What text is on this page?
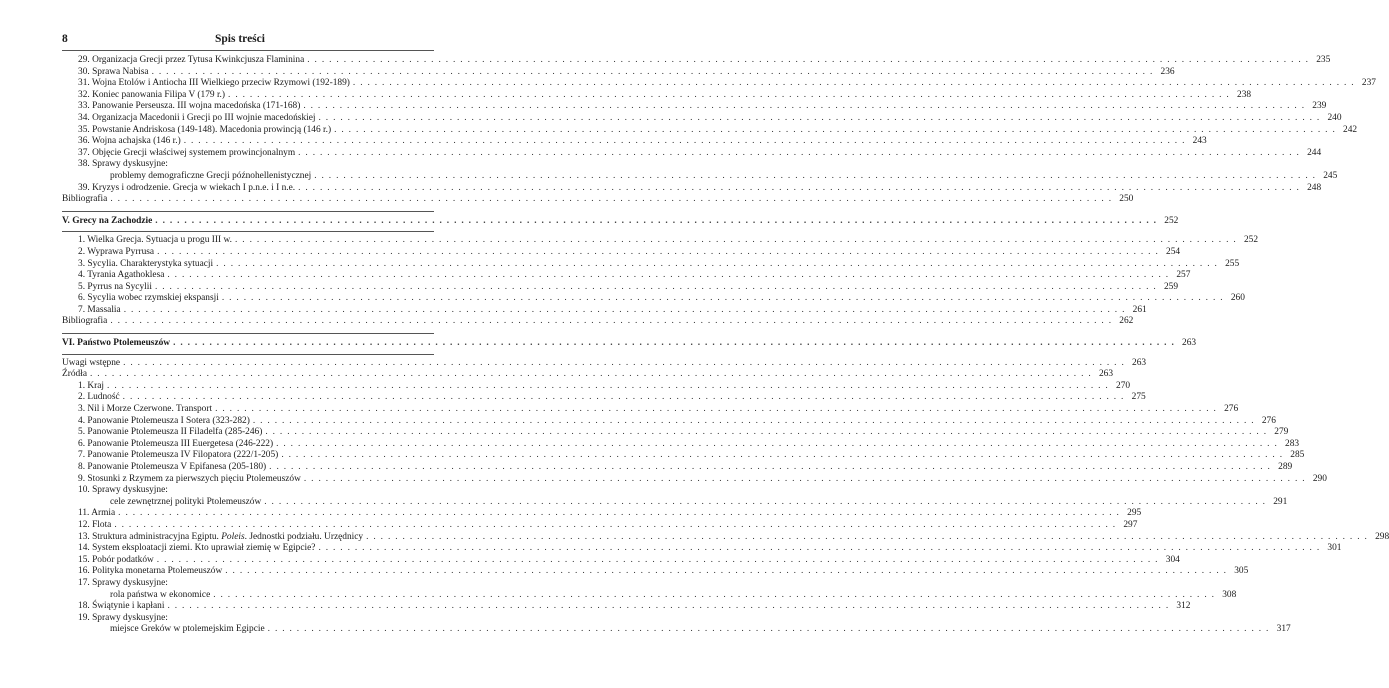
8	Spis treści
29. Organizacja Grecji przez Tytusa Kwinkcjusza Flaminina . . .	235
30. Sprawa Nabisa . . .	236
31. Wojna Etolów i Antiocha III Wielkiego przeciw Rzymowi (192-189) . . .	237
32. Koniec panowania Filipa V (179 r.) . . .	238
33. Panowanie Perseusza. III wojna macedońska (171-168) . . .	239
34. Organizacja Macedonii i Grecji po III wojnie macedońskiej . . .	240
35. Powstanie Andriskosa (149-148). Macedonia prowincją (146 r.) . . .	242
36. Wojna achajska (146 r.) . . .	243
37. Objęcie Grecji właściwej systemem prowincjonalnym . . .	244
38. Sprawy dyskusyjne:
problemy demograficzne Grecji późnohellenistycznej . . .	245
39. Kryzys i odrodzenie. Grecja w wiekach I p.n.e. i I n.e. . . .	248
Bibliografia . . .	250
V. Grecy na Zachodzie . . .	252
1. Wielka Grecja. Sytuacja u progu III w. . . .	252
2. Wyprawa Pyrrusa . . .	254
3. Sycylia. Charakterystyka sytuacji . . .	255
4. Tyrania Agathoklesa . . .	257
5. Pyrrus na Sycylii . . .	259
6. Sycylia wobec rzymskiej ekspansji . . .	260
7. Massalia . . .	261
Bibliografia . . .	262
VI. Państwo Ptolemeuszów . . .	263
Uwagi wstępne . . .	263
Źródła . . .	263
1. Kraj . . .	270
2. Ludność . . .	275
3. Nil i Morze Czerwone. Transport . . .	276
4. Panowanie Ptolemeusza I Sotera (323-282) . . .	276
5. Panowanie Ptolemeusza II Filadelfa (285-246) . . .	279
6. Panowanie Ptolemeusza III Euergetesa (246-222) . . .	283
7. Panowanie Ptolemeusza IV Filopatora (222/1-205) . . .	285
8. Panowanie Ptolemeusza V Epifanesa (205-180) . . .	289
9. Stosunki z Rzymem za pierwszych pięciu Ptolemeuszów . . .	290
10. Sprawy dyskusyjne:
cele zewnętrznej polityki Ptolemeuszów . . .	291
11. Armia . . .	295
12. Flota . . .	297
13. Struktura administracyjna Egiptu. Poleis. Jednostki podziału. Urzędnicy . . .	298
14. System eksploatacji ziemi. Kto uprawiał ziemię w Egipcie? . . .	301
15. Pobór podatków . . .	304
16. Polityka monetarna Ptolemeuszów . . .	305
17. Sprawy dyskusyjne:
rola państwa w ekonomice . . .	308
18. Świątynie i kapłani . . .	312
19. Sprawy dyskusyjne:
miejsce Greków w ptolemejskim Egipcie . . .	317
